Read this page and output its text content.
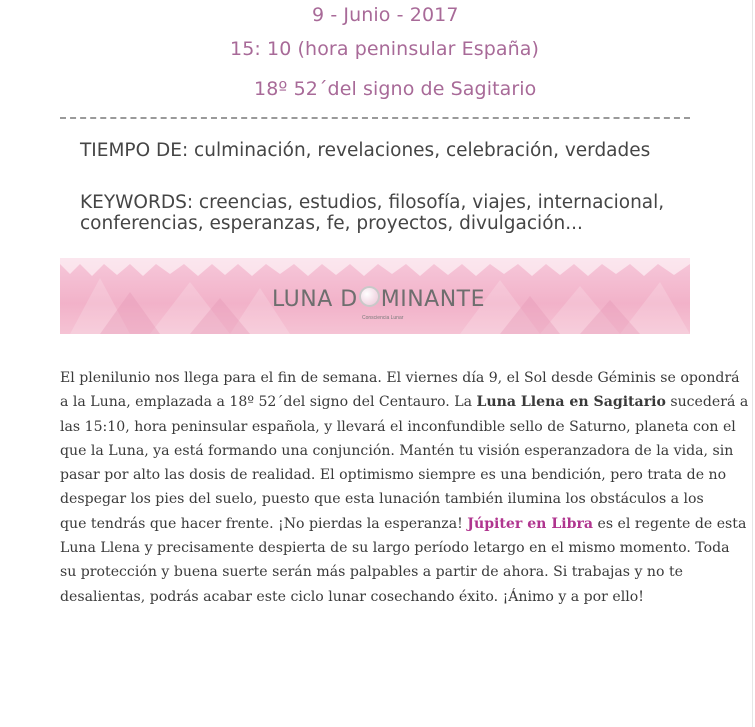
9 - Junio - 2017
15: 10 (hora peninsular España)
18º 52´del signo de Sagitario
TIEMPO DE: culminación, revelaciones, celebración, verdades
KEYWORDS: creencias, estudios, filosofía, viajes, internacional,
conferencias, esperanzas, fe, proyectos, divulgación...
LUNA D MINANTE
Consciencia Lunar
El plenilunio nos llega para el fin de semana. El viernes día 9, el Sol desde Géminis se opondrá
a la Luna, emplazada a 18º 52´del signo del Centauro. La Luna Llena en Sagitario sucederá a
las 15:10, hora peninsular española, y llevará el inconfundible sello de Saturno, planeta con el
que la Luna, ya está formando una conjunción. Mantén tu visión esperanzadora de la vida, sin
pasar por alto las dosis de realidad. El optimismo siempre es una bendición, pero trata de no
despegar los pies del suelo, puesto que esta lunación también ilumina los obstáculos a los
que tendrás que hacer frente. ¡No pierdas la esperanza! Júpiter en Libra es el regente de esta
Luna Llena y precisamente despierta de su largo período letargo en el mismo momento. Toda
su protección y buena suerte serán más palpables a partir de ahora. Si trabajas y no te
desalientas, podrás acabar este ciclo lunar cosechando éxito. ¡Ánimo y a por ello!
